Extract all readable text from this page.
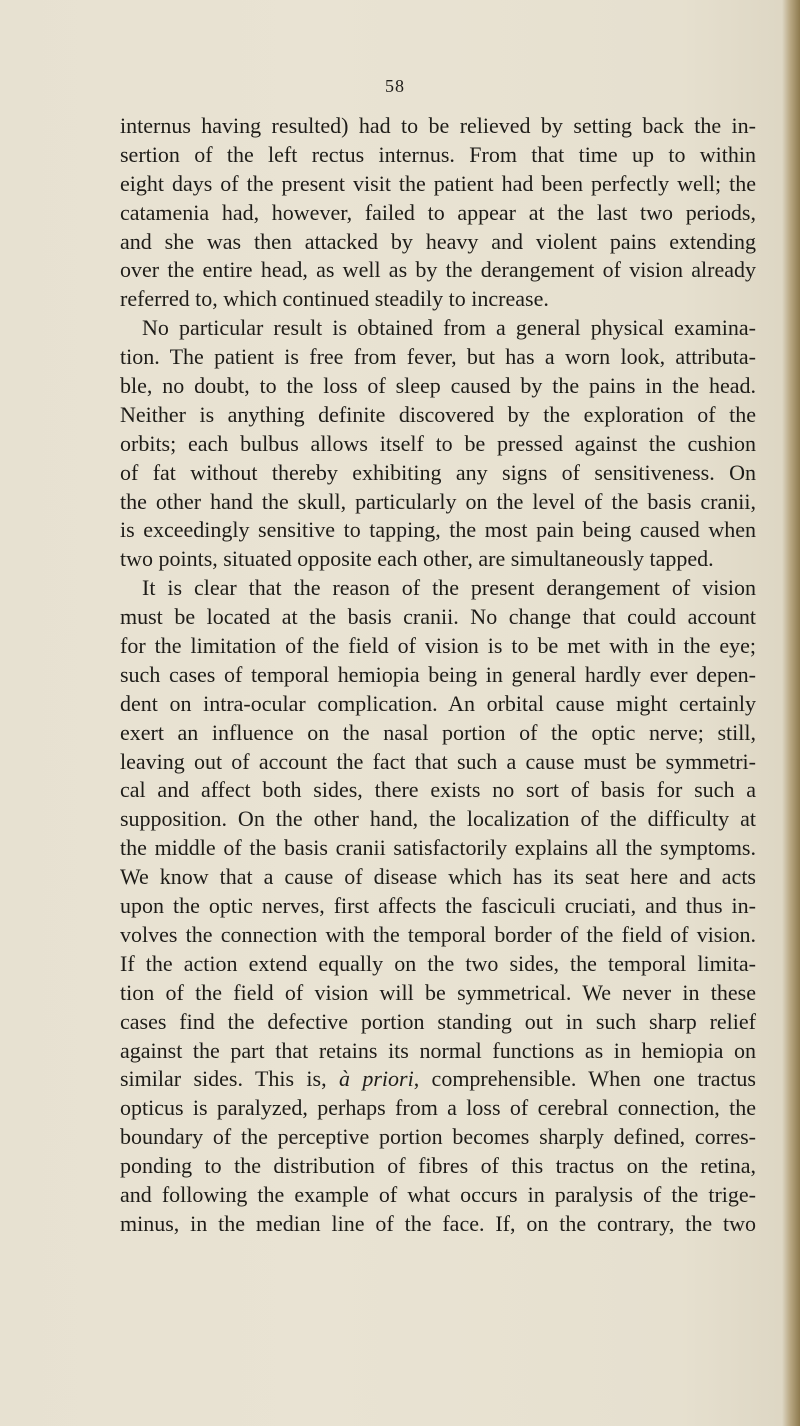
58
internus having resulted) had to be relieved by setting back the in-
sertion of the left rectus internus. From that time up to within
eight days of the present visit the patient had been perfectly well; the
catamenia had, however, failed to appear at the last two periods,
and she was then attacked by heavy and violent pains extending
over the entire head, as well as by the derangement of vision already
referred to, which continued steadily to increase.
No particular result is obtained from a general physical examina-
tion. The patient is free from fever, but has a worn look, attributa-
ble, no doubt, to the loss of sleep caused by the pains in the head.
Neither is anything definite discovered by the exploration of the
orbits; each bulbus allows itself to be pressed against the cushion
of fat without thereby exhibiting any signs of sensitiveness. On
the other hand the skull, particularly on the level of the basis cranii,
is exceedingly sensitive to tapping, the most pain being caused when
two points, situated opposite each other, are simultaneously tapped.
It is clear that the reason of the present derangement of vision
must be located at the basis cranii. No change that could account
for the limitation of the field of vision is to be met with in the eye;
such cases of temporal hemiopia being in general hardly ever depen-
dent on intra-ocular complication. An orbital cause might certainly
exert an influence on the nasal portion of the optic nerve; still,
leaving out of account the fact that such a cause must be symmetri-
cal and affect both sides, there exists no sort of basis for such a
supposition. On the other hand, the localization of the difficulty at
the middle of the basis cranii satisfactorily explains all the symptoms.
We know that a cause of disease which has its seat here and acts
upon the optic nerves, first affects the fasciculi cruciati, and thus in-
volves the connection with the temporal border of the field of vision.
If the action extend equally on the two sides, the temporal limita-
tion of the field of vision will be symmetrical. We never in these
cases find the defective portion standing out in such sharp relief
against the part that retains its normal functions as in hemiopia on
similar sides. This is, à priori, comprehensible. When one tractus
opticus is paralyzed, perhaps from a loss of cerebral connection, the
boundary of the perceptive portion becomes sharply defined, corres-
ponding to the distribution of fibres of this tractus on the retina,
and following the example of what occurs in paralysis of the trige-
minus, in the median line of the face. If, on the contrary, the two
